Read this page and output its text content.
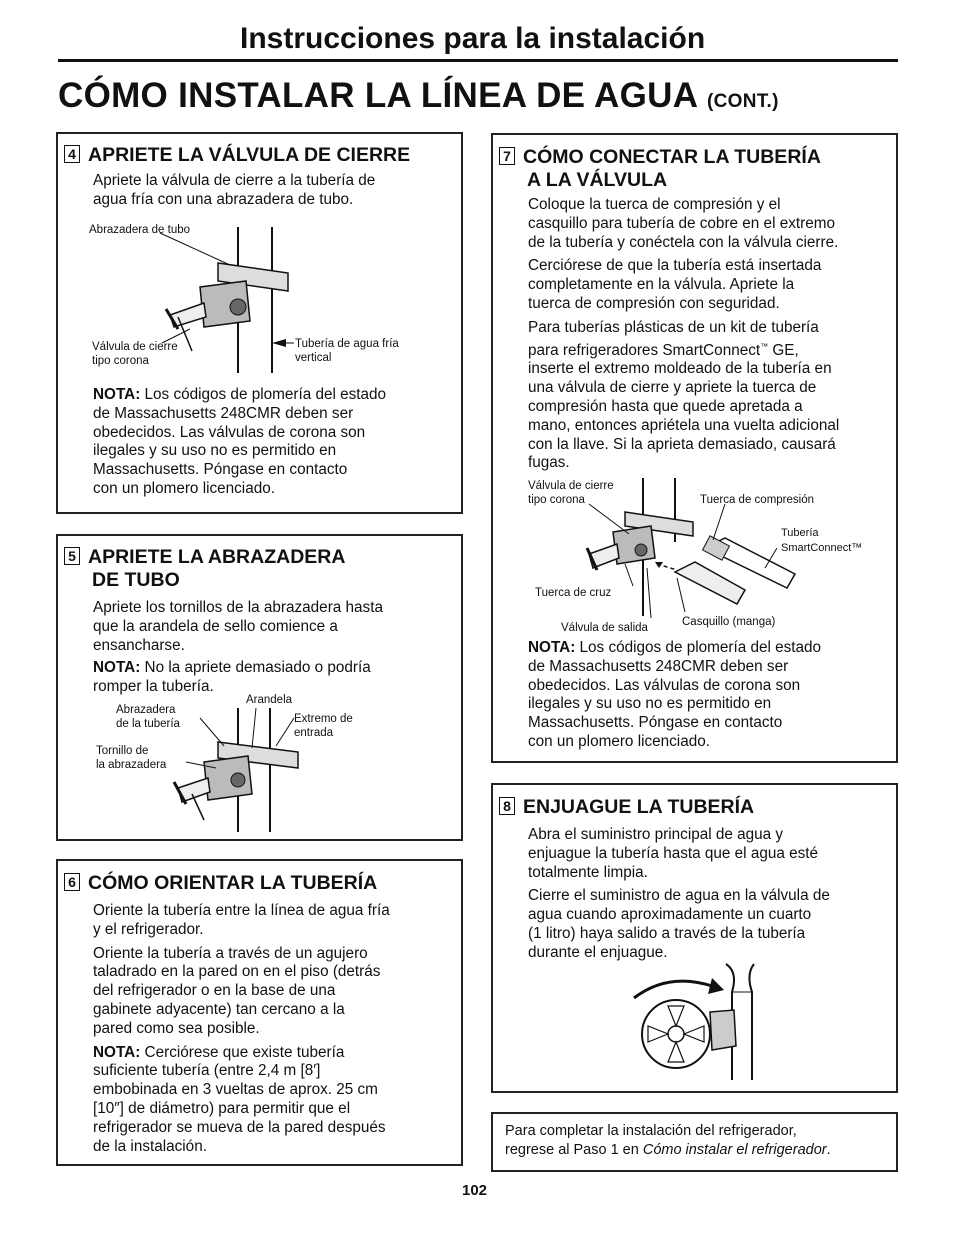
Instrucciones para la instalación
CÓMO INSTALAR LA LÍNEA DE AGUA (CONT.)
4 APRIETE LA VÁLVULA DE CIERRE
Apriete la válvula de cierre a la tubería de
agua fría con una abrazadera de tubo.
Abrazadera de tubo
Válvula de cierre
tipo corona
Tubería de agua fría
vertical
NOTA: Los códigos de plomería del estado
de Massachusetts 248CMR deben ser
obedecidos. Las válvulas de corona son
ilegales y su uso no es permitido en
Massachusetts. Póngase en contacto
con un plomero licenciado.
5 APRIETE LA ABRAZADERA
DE TUBO
Apriete los tornillos de la abrazadera hasta
que la arandela de sello comience a
ensancharse.
NOTA: No la apriete demasiado o podría
romper la tubería.
Arandela
Abrazadera
de la tubería	Extremo de
entrada
Tornillo de
la abrazadera
6 CÓMO ORIENTAR LA TUBERÍA
Oriente la tubería entre la línea de agua fría
y el refrigerador.
Oriente la tubería a través de un agujero
taladrado en la pared on en el piso (detrás
del refrigerador o en la base de una
gabinete adyacente) tan cercano a la
pared como sea posible.
NOTA: Cerciórese que existe tubería
suficiente tubería (entre 2,4 m [8′]
embobinada en 3 vueltas de aprox. 25 cm
[10″] de diámetro) para permitir que el
refrigerador se mueva de la pared después
de la instalación.
7 CÓMO CONECTAR LA TUBERÍA
A LA VÁLVULA
Coloque la tuerca de compresión y el
casquillo para tubería de cobre en el extremo
de la tubería y conéctela con la válvula cierre.
Cerciórese de que la tubería está insertada
completamente en la válvula. Apriete la
tuerca de compresión con seguridad.
Para tuberías plásticas de un kit de tubería
para refrigeradores SmartConnect™ GE,
inserte el extremo moldeado de la tubería en
una válvula de cierre y apriete la tuerca de
compresión hasta que quede apretada a
mano, entonces apriétela una vuelta adicional
con la llave. Si la aprieta demasiado, causará
fugas.
Válvula de cierre
tipo corona	Tuerca de compresión
Tubería
SmartConnect™
Tuerca de cruz
Casquillo (manga)
Válvula de salida
NOTA: Los códigos de plomería del estado
de Massachusetts 248CMR deben ser
obedecidos. Las válvulas de corona son
ilegales y su uso no es permitido en
Massachusetts. Póngase en contacto
con un plomero licenciado.
8 ENJUAGUE LA TUBERÍA
Abra el suministro principal de agua y
enjuague la tubería hasta que el agua esté
totalmente limpia.
Cierre el suministro de agua en la válvula de
agua cuando aproximadamente un cuarto
(1 litro) haya salido a través de la tubería
durante el enjuague.
Para completar la instalación del refrigerador,
regrese al Paso 1 en Cómo instalar el refrigerador.
102
